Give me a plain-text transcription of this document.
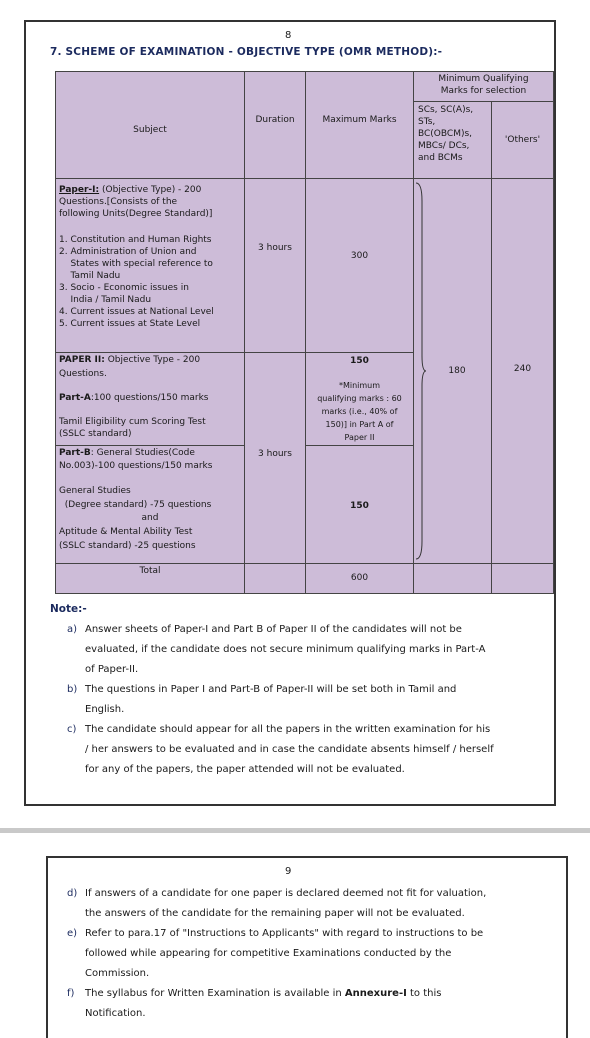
8
7. SCHEME OF EXAMINATION - OBJECTIVE TYPE (OMR METHOD):-
Subject
Duration	Maximum Marks
Minimum Qualifying
Marks for selection
SCs, SC(A)s,
STs,
BC(OBCM)s,
MBCs/ DCs,
and BCMs
'Others'
Paper-I: (Objective Type) - 200
Questions.[Consists of the
following Units(Degree Standard)]
1. Constitution and Human Rights
2. Administration of Union and
States with special reference to
Tamil Nadu
3. Socio - Economic issues in
India / Tamil Nadu
4. Current issues at National Level
5. Current issues at State Level
3 hours
300
PAPER II: Objective Type - 200
Questions.
Part-A:100 questions/150 marks
Tamil Eligibility cum Scoring Test
(SSLC standard)
150
*Minimum
qualifying marks : 60
marks (i.e., 40% of
150)] in Part A of
Paper II
Part-B: General Studies(Code
No.003)-100 questions/150 marks
General Studies
(Degree standard) -75 questions
and
Aptitude & Mental Ability Test
(SSLC standard) -25 questions
3 hours
150
180	240
Total
600
Note:-
a) Answer sheets of Paper-I and Part B of Paper II of the candidates will not be
evaluated, if the candidate does not secure minimum qualifying marks in Part-A
of Paper-II.
b) The questions in Paper I and Part-B of Paper-II will be set both in Tamil and
English.
c) The candidate should appear for all the papers in the written examination for his
/ her answers to be evaluated and in case the candidate absents himself / herself
for any of the papers, the paper attended will not be evaluated.
9
d) If answers of a candidate for one paper is declared deemed not fit for valuation,
the answers of the candidate for the remaining paper will not be evaluated.
e) Refer to para.17 of "Instructions to Applicants" with regard to instructions to be
followed while appearing for competitive Examinations conducted by the
Commission.
f) The syllabus for Written Examination is available in Annexure-I to this
Notification.
